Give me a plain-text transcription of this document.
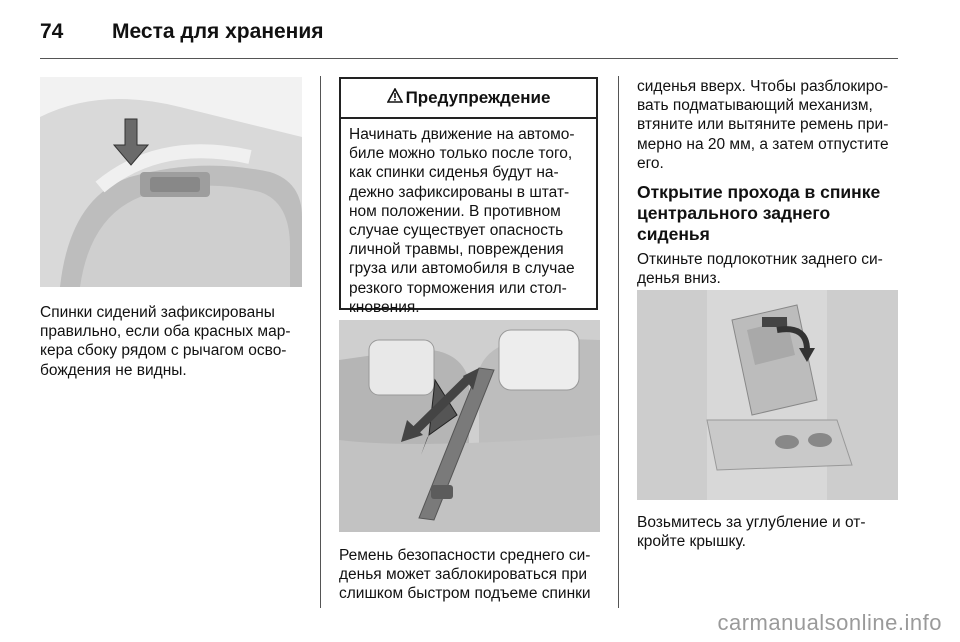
74 Места для хранения
Спинки сидений зафиксированы правильно, если оба красных мар-кера сбоку рядом с рычагом осво-бождения не видны.
Предупреждение
Начинать движение на автомо-биле можно только после того, как спинки сиденья будут на-дежно зафиксированы в штат-ном положении. В противном случае существует опасность личной травмы, повреждения груза или автомобиля в случае резкого торможения или стол-кновения.
Ремень безопасности среднего си-денья может заблокироваться при слишком быстром подъеме спинки
сиденья вверх. Чтобы разблокиро-вать подматывающий механизм, втяните или вытяните ремень при-мерно на 20 мм, а затем отпустите его.
Открытие прохода в спинке центрального заднего сиденья
Откиньте подлокотник заднего си-денья вниз.
Возьмитесь за углубление и от-кройте крышку.
carmanualsonline.info
